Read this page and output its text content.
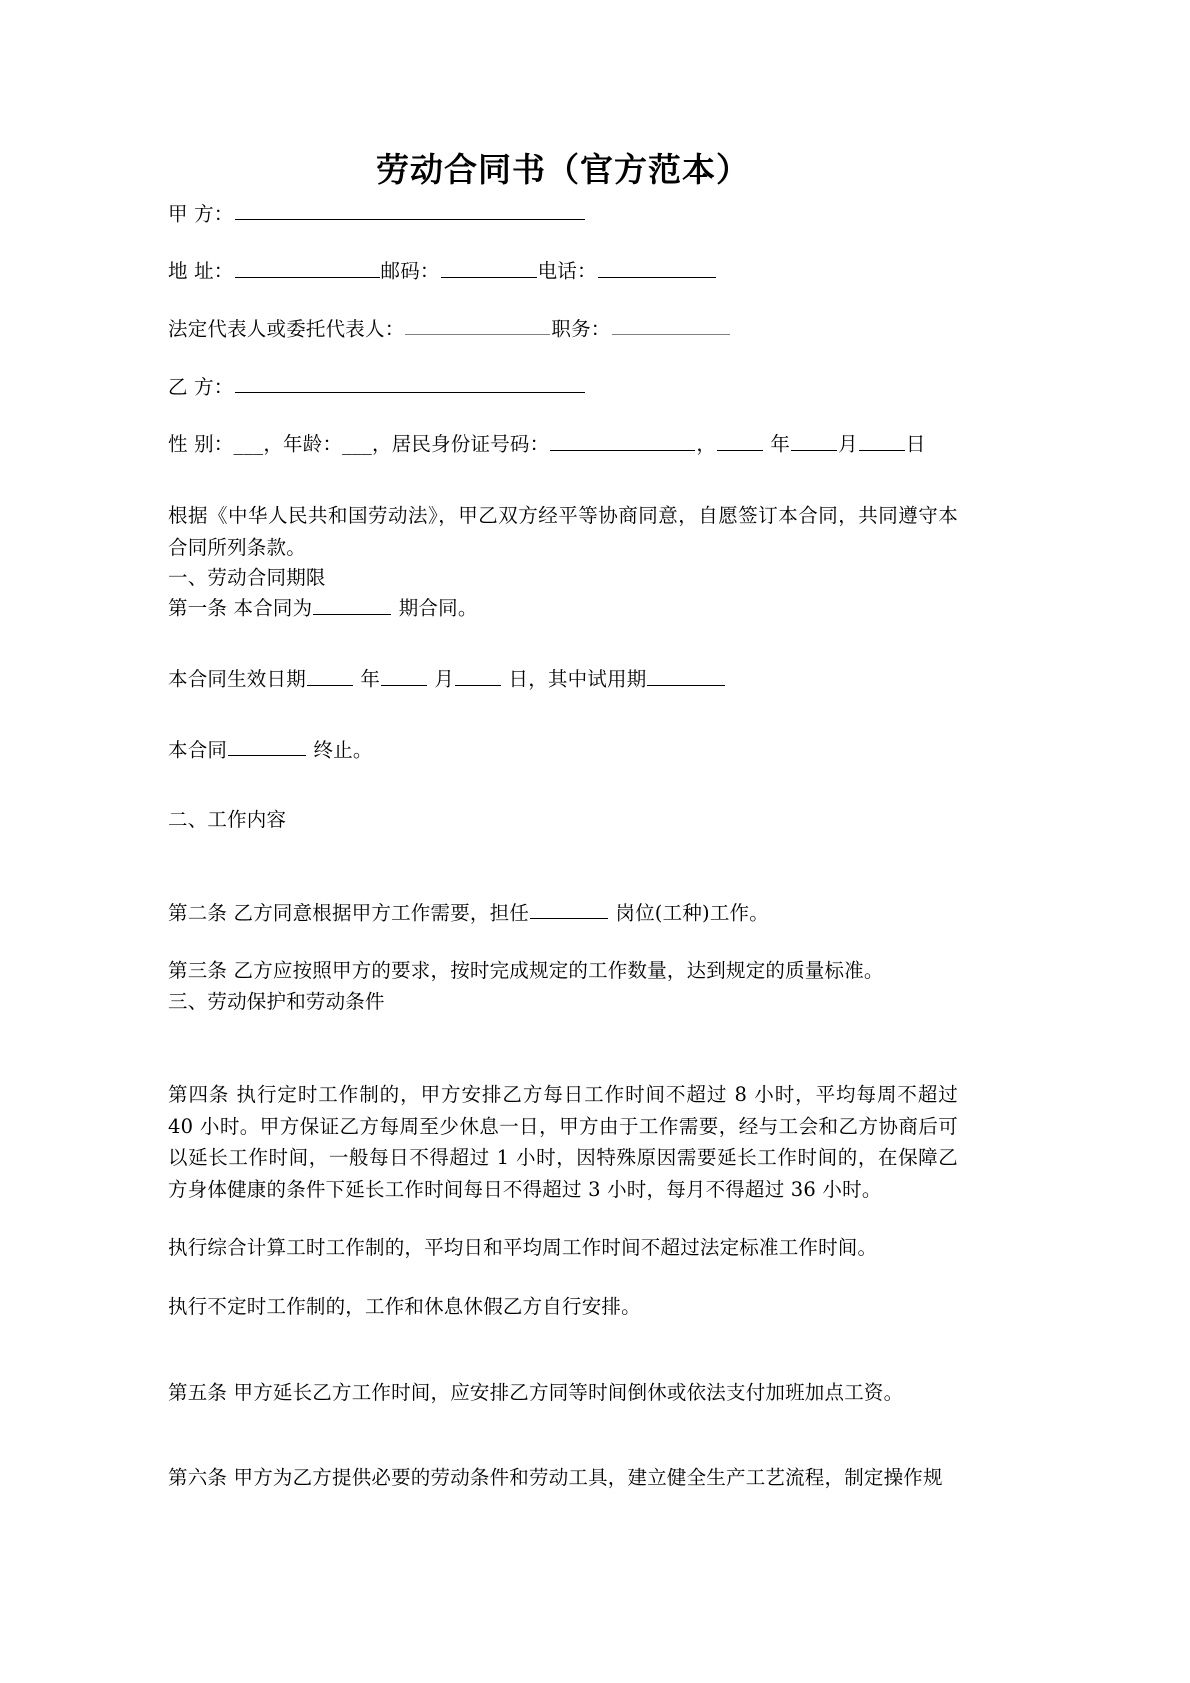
劳动合同书（官方范本）

甲 方：

地 址：	邮码：	电话：

法定代表人或委托代表人：	职务：

乙 方：

性 别：___，年龄：___，居民身份证号码：	，	年 月 日

根据《中华人民共和国劳动法》，甲乙双方经平等协商同意，自愿签订本合同，共同遵守本合同所列条款。

一、劳动合同期限

第一条 本合同为	期合同。

本合同生效日期	年	月	日，其中试用期

本合同	终止。

二、工作内容

第二条 乙方同意根据甲方工作需要，担任	岗位(工种)工作。

第三条 乙方应按照甲方的要求，按时完成规定的工作数量，达到规定的质量标准。

三、劳动保护和劳动条件

第四条 执行定时工作制的，甲方安排乙方每日工作时间不超过 8 小时，平均每周不超过 40 小时。甲方保证乙方每周至少休息一日，甲方由于工作需要，经与工会和乙方协商后可以延长工作时间，一般每日不得超过 1 小时，因特殊原因需要延长工作时间的，在保障乙方身体健康的条件下延长工作时间每日不得超过 3 小时，每月不得超过 36 小时。

执行综合计算工时工作制的，平均日和平均周工作时间不超过法定标准工作时间。

执行不定时工作制的，工作和休息休假乙方自行安排。

第五条 甲方延长乙方工作时间，应安排乙方同等时间倒休或依法支付加班加点工资。

第六条 甲方为乙方提供必要的劳动条件和劳动工具，建立健全生产工艺流程，制定操作规
